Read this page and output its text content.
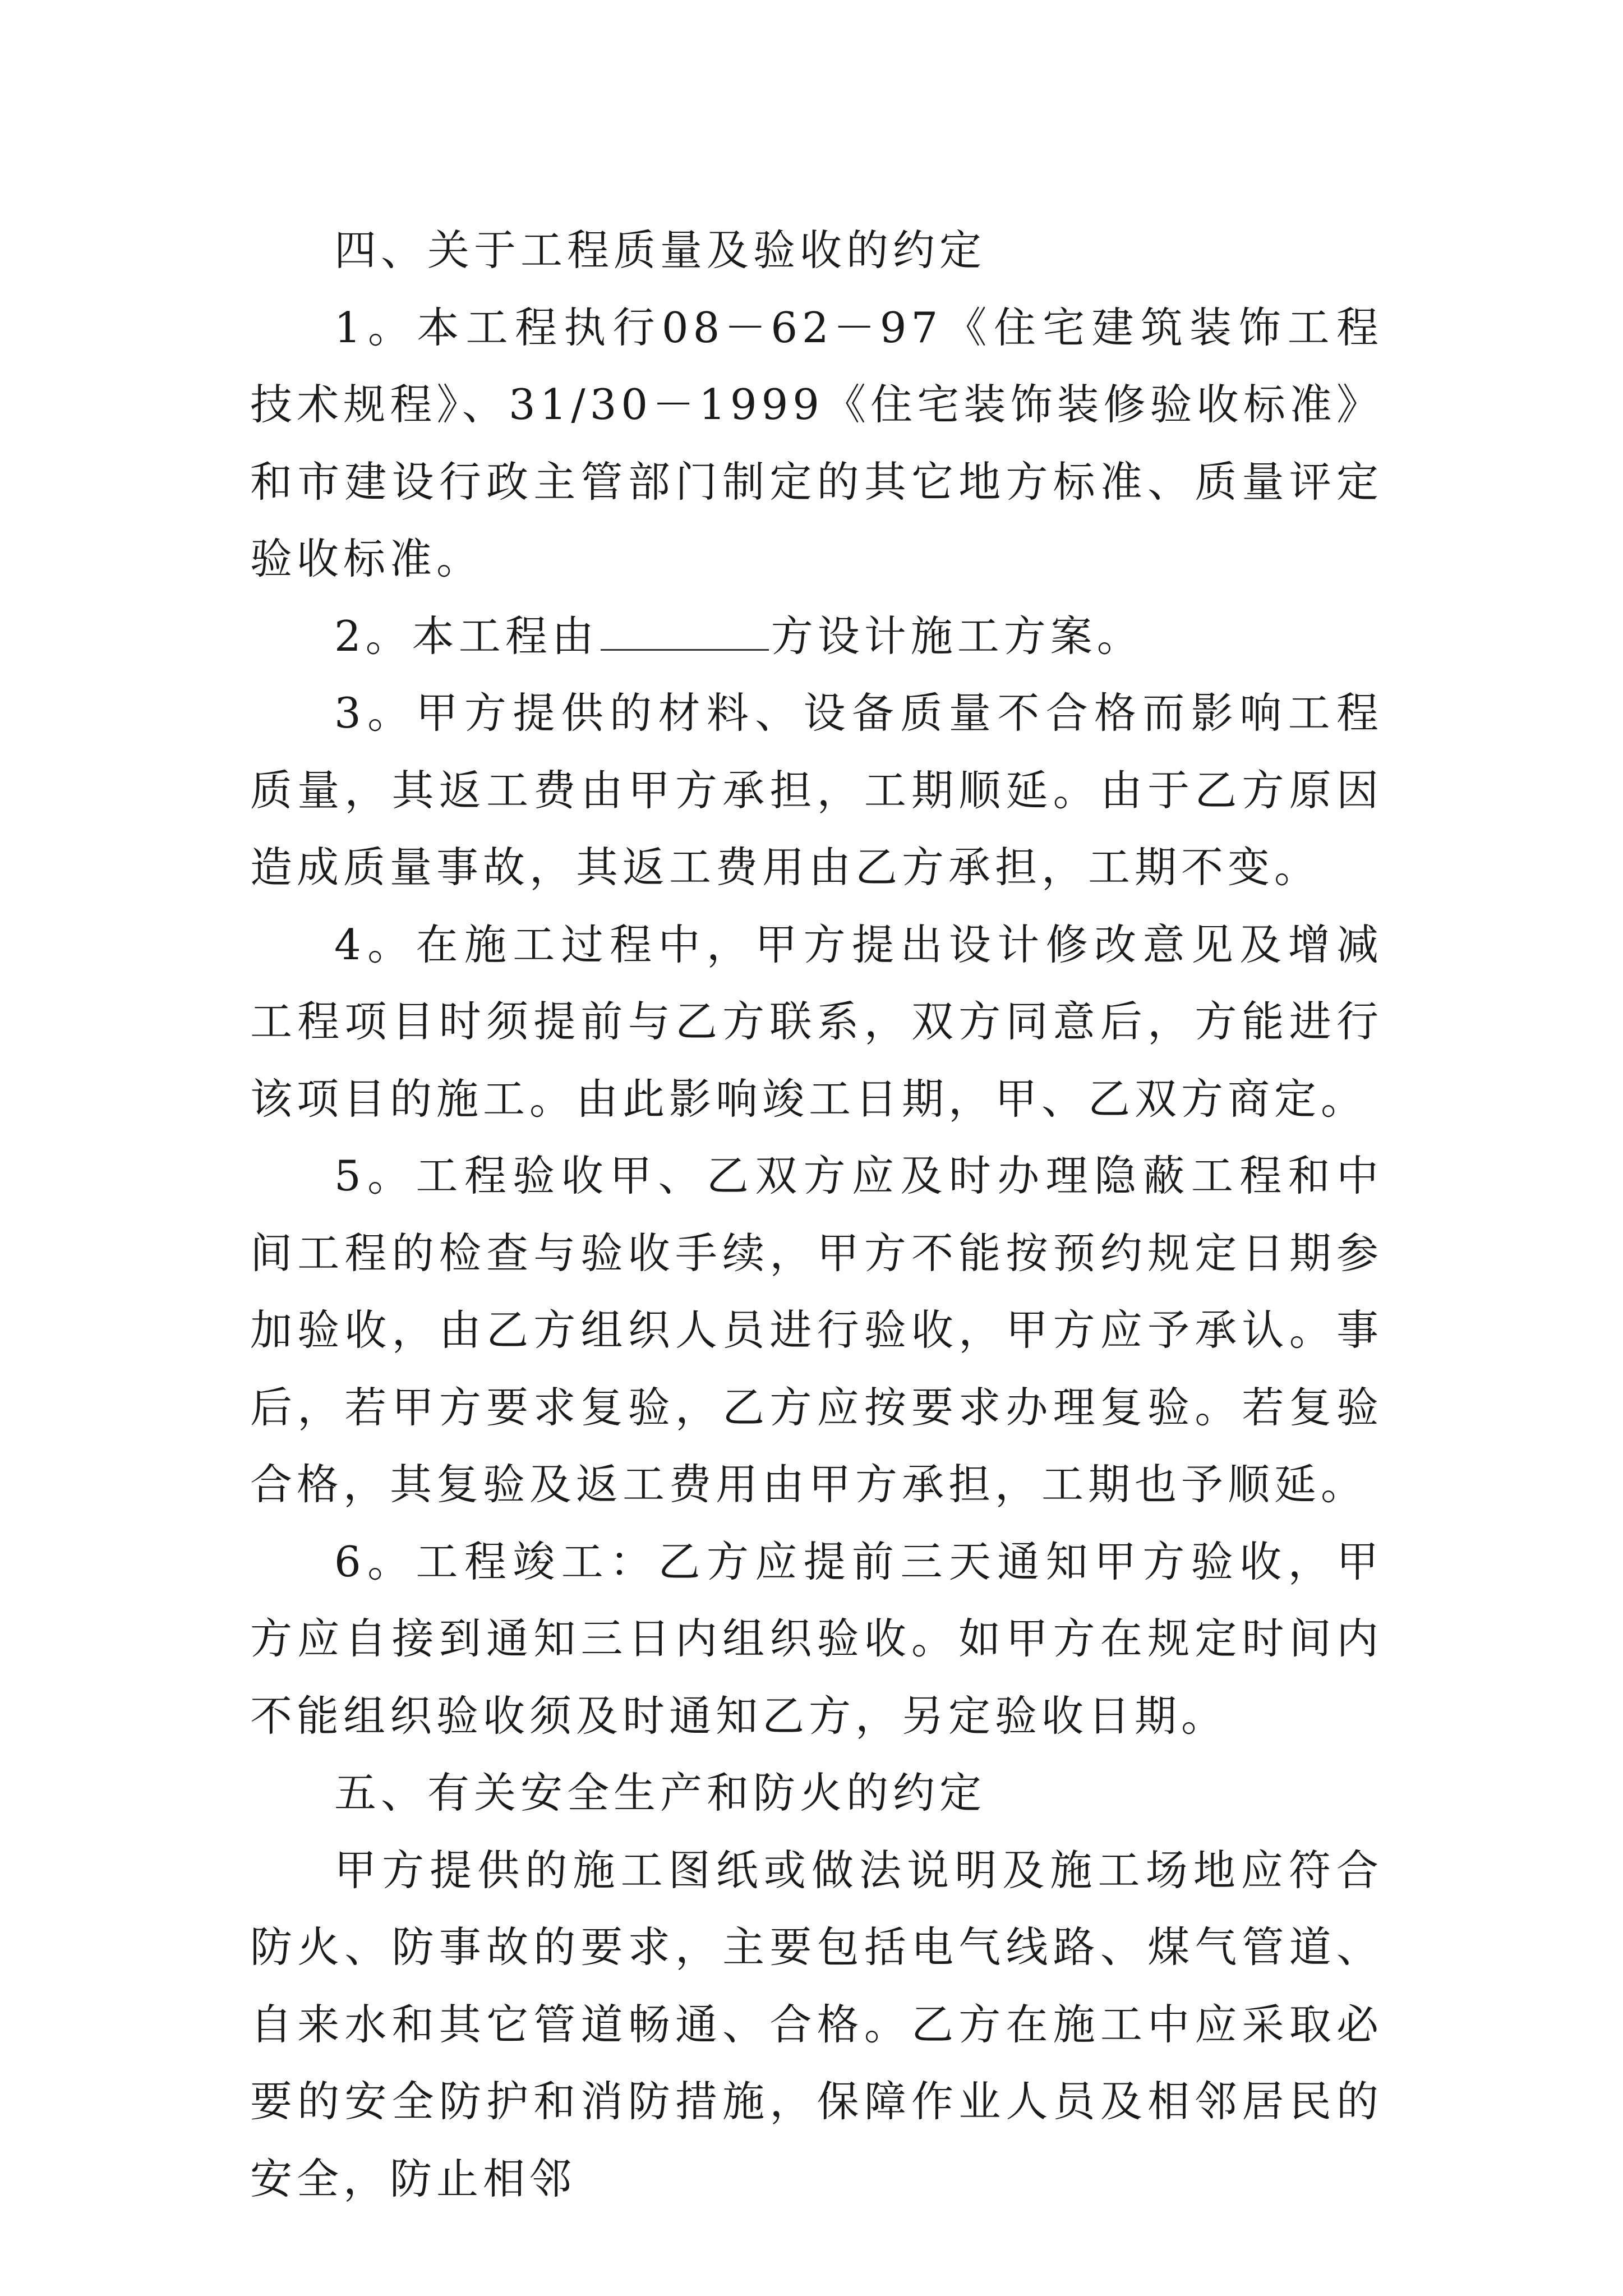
四、关于工程质量及验收的约定

1。本工程执行08－62－97《住宅建筑装饰工程技术规程》、31/30－1999《住宅装饰装修验收标准》和市建设行政主管部门制定的其它地方标准、质量评定验收标准。

2。本工程由	方设计施工方案。

3。甲方提供的材料、设备质量不合格而影响工程质量，其返工费由甲方承担，工期顺延。由于乙方原因造成质量事故，其返工费用由乙方承担，工期不变。

4。在施工过程中，甲方提出设计修改意见及增减工程项目时须提前与乙方联系，双方同意后，方能进行该项目的施工。由此影响竣工日期，甲、乙双方商定。

5。工程验收甲、乙双方应及时办理隐蔽工程和中间工程的检查与验收手续，甲方不能按预约规定日期参加验收，由乙方组织人员进行验收，甲方应予承认。事后，若甲方要求复验，乙方应按要求办理复验。若复验合格，其复验及返工费用由甲方承担，工期也予顺延。

6。工程竣工：乙方应提前三天通知甲方验收，甲方应自接到通知三日内组织验收。如甲方在规定时间内不能组织验收须及时通知乙方，另定验收日期。

五、有关安全生产和防火的约定

甲方提供的施工图纸或做法说明及施工场地应符合防火、防事故的要求，主要包括电气线路、煤气管道、自来水和其它管道畅通、合格。乙方在施工中应采取必要的安全防护和消防措施，保障作业人员及相邻居民的安全，防止相邻
